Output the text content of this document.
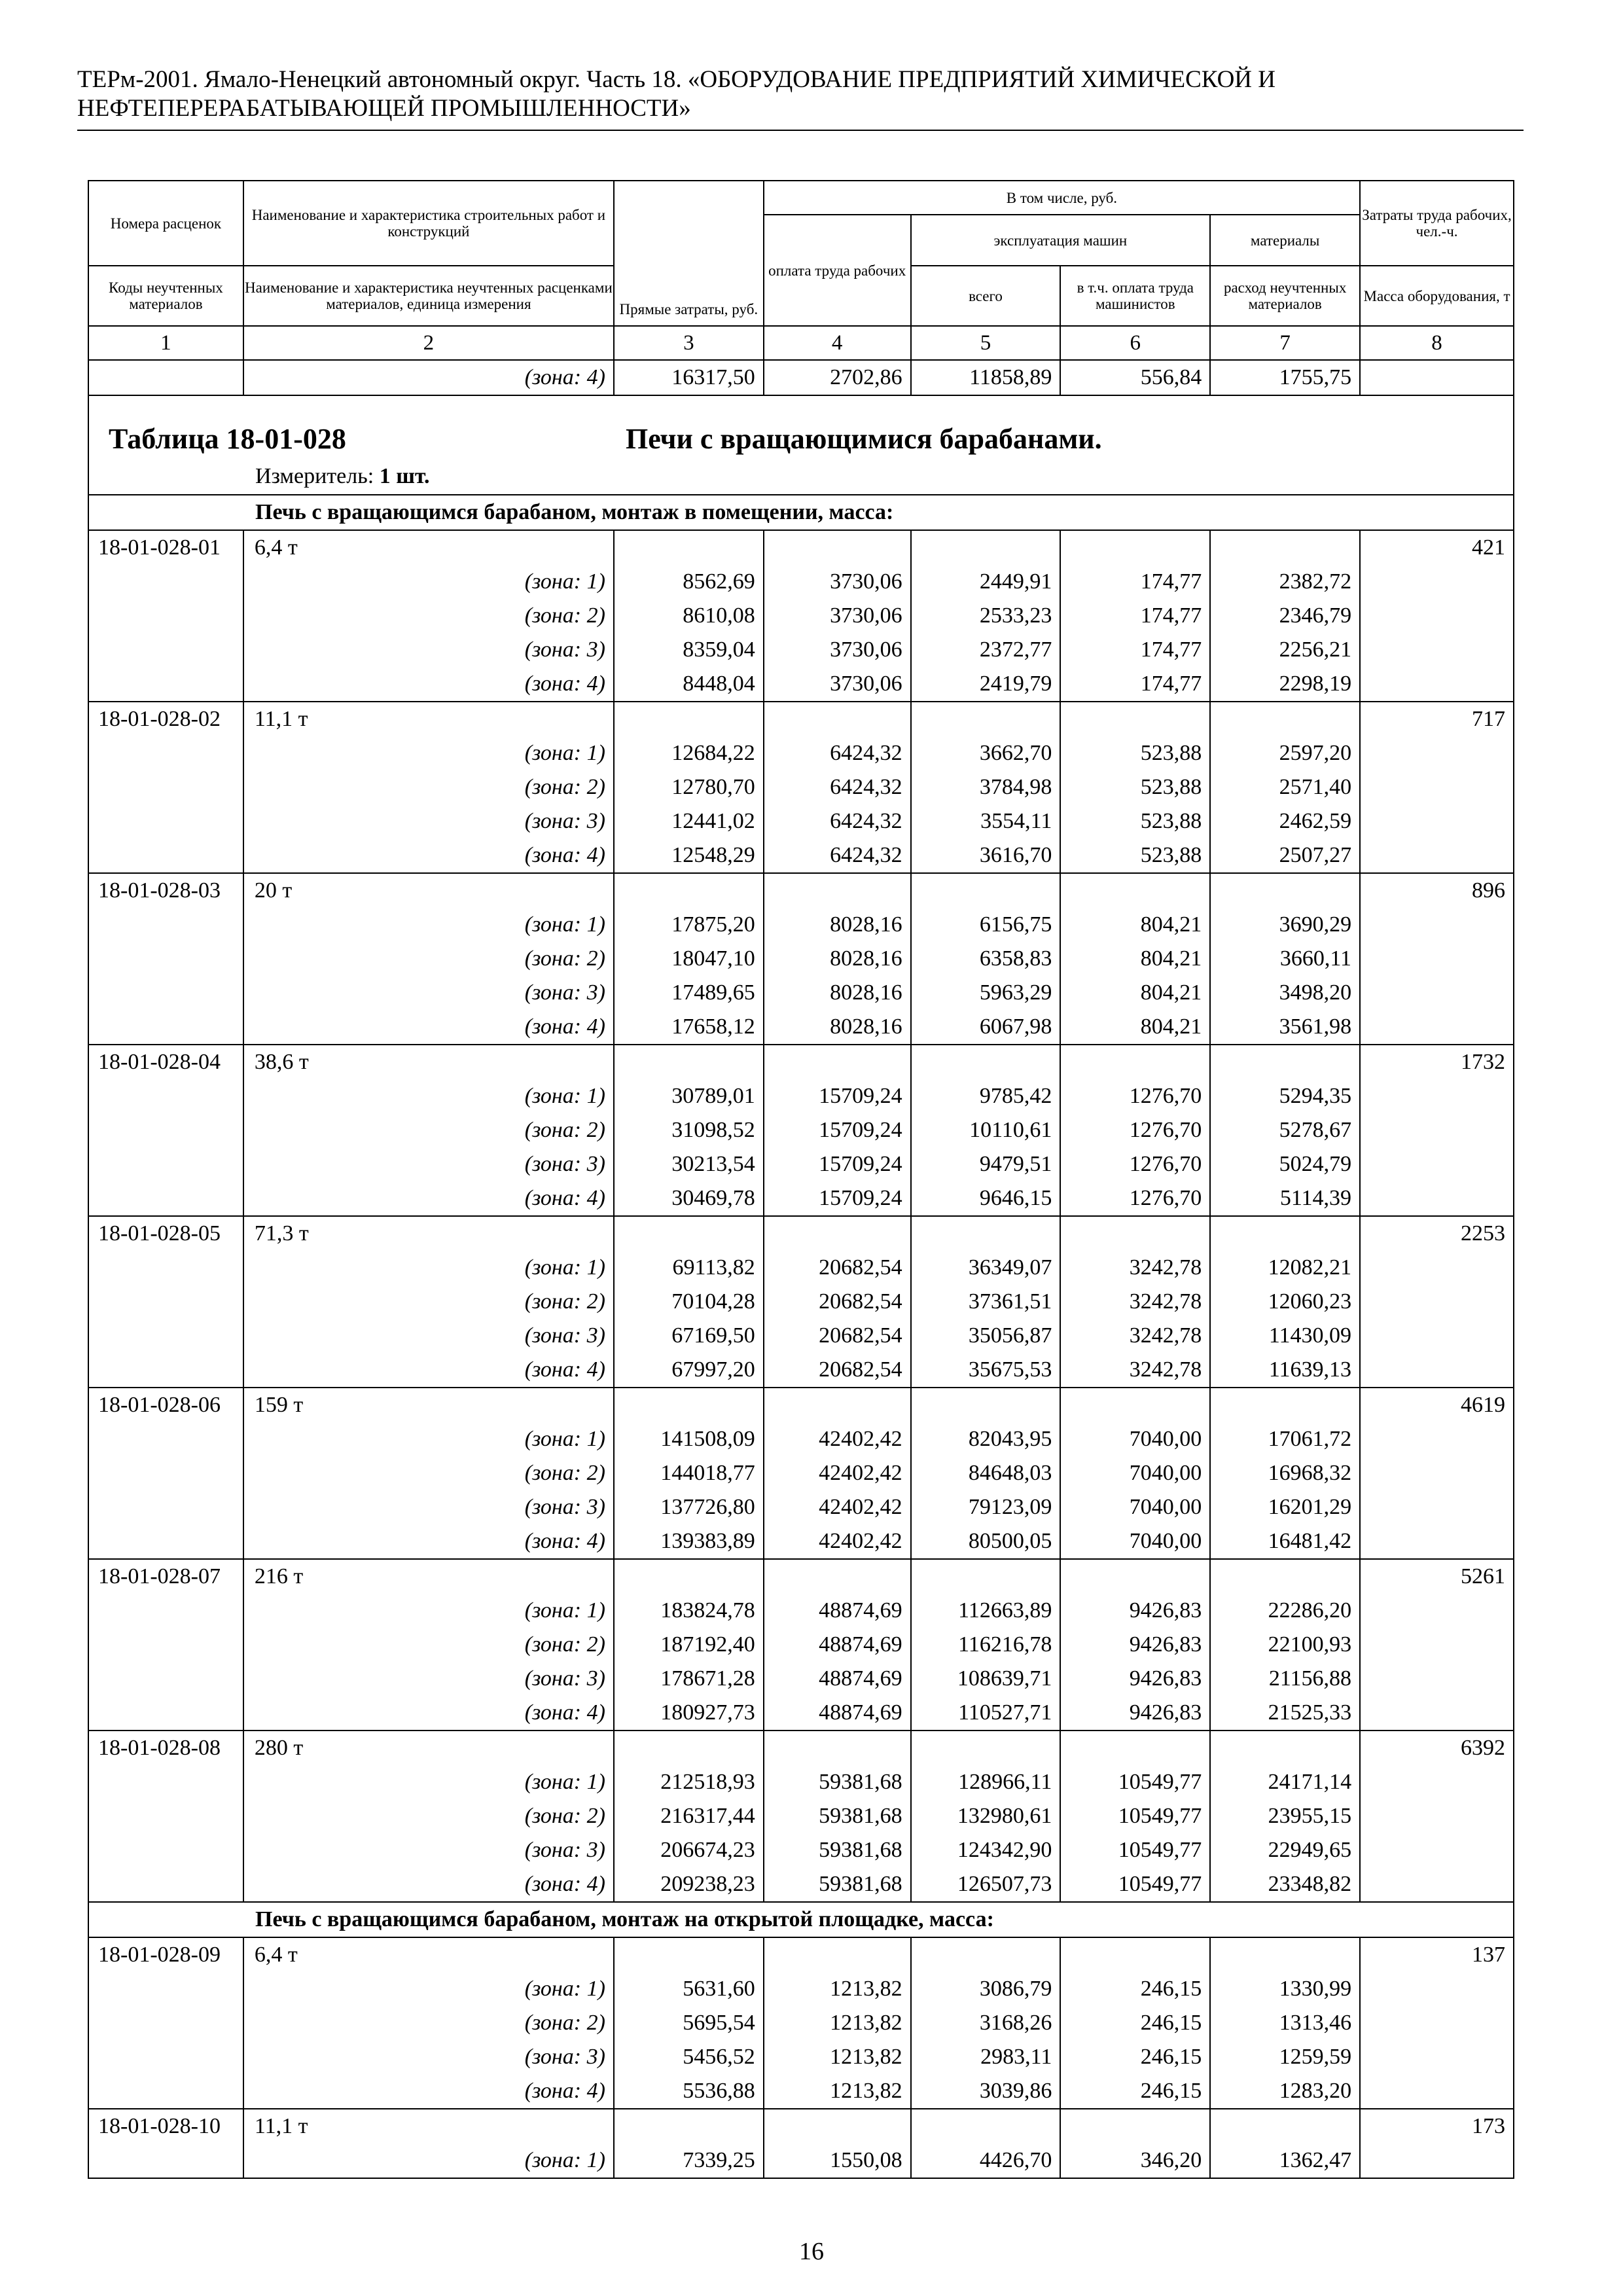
ТЕРм-2001. Ямало-Ненецкий автономный округ. Часть 18. «ОБОРУДОВАНИЕ ПРЕДПРИЯТИЙ ХИМИЧЕСКОЙ И
НЕФТЕПЕРЕРАБАТЫВАЮЩЕЙ ПРОМЫШЛЕННОСТИ»
Номера расценок	Наименование и характеристика строительных работ и конструкций	Прямые затраты, руб.	В том числе, руб.				Затраты труда рабочих, чел.-ч.
			оплата труда рабочих	эксплуатация машин		материалы	
Коды неучтенных материалов	Наименование и характеристика неучтенных расценками материалов, единица измерения			всего	в т.ч. оплата труда машинистов	расход неучтенных материалов	Масса оборудования, т
1	2	3	4	5	6	7	8
	(зона: 4)	16317,50	2702,86	11858,89	556,84	1755,75	

Таблица 18-01-028 Печи с вращающимися барабанами.
Измеритель: 1 шт.							

Печь с вращающимся барабаном, монтаж в помещении, масса:							
18-01-028-01	6,4 т						421
	(зона: 1)	8562,69	3730,06	2449,91	174,77	2382,72	
	(зона: 2)	8610,08	3730,06	2533,23	174,77	2346,79	
	(зона: 3)	8359,04	3730,06	2372,77	174,77	2256,21	
	(зона: 4)	8448,04	3730,06	2419,79	174,77	2298,19	
18-01-028-02	11,1 т						717
	(зона: 1)	12684,22	6424,32	3662,70	523,88	2597,20	
	(зона: 2)	12780,70	6424,32	3784,98	523,88	2571,40	
	(зона: 3)	12441,02	6424,32	3554,11	523,88	2462,59	
	(зона: 4)	12548,29	6424,32	3616,70	523,88	2507,27	
18-01-028-03	20 т						896
	(зона: 1)	17875,20	8028,16	6156,75	804,21	3690,29	
	(зона: 2)	18047,10	8028,16	6358,83	804,21	3660,11	
	(зона: 3)	17489,65	8028,16	5963,29	804,21	3498,20	
	(зона: 4)	17658,12	8028,16	6067,98	804,21	3561,98	
18-01-028-04	38,6 т						1732
	(зона: 1)	30789,01	15709,24	9785,42	1276,70	5294,35	
	(зона: 2)	31098,52	15709,24	10110,61	1276,70	5278,67	
	(зона: 3)	30213,54	15709,24	9479,51	1276,70	5024,79	
	(зона: 4)	30469,78	15709,24	9646,15	1276,70	5114,39	
18-01-028-05	71,3 т						2253
	(зона: 1)	69113,82	20682,54	36349,07	3242,78	12082,21	
	(зона: 2)	70104,28	20682,54	37361,51	3242,78	12060,23	
	(зона: 3)	67169,50	20682,54	35056,87	3242,78	11430,09	
	(зона: 4)	67997,20	20682,54	35675,53	3242,78	11639,13	
18-01-028-06	159 т						4619
	(зона: 1)	141508,09	42402,42	82043,95	7040,00	17061,72	
	(зона: 2)	144018,77	42402,42	84648,03	7040,00	16968,32	
	(зона: 3)	137726,80	42402,42	79123,09	7040,00	16201,29	
	(зона: 4)	139383,89	42402,42	80500,05	7040,00	16481,42	
18-01-028-07	216 т						5261
	(зона: 1)	183824,78	48874,69	112663,89	9426,83	22286,20	
	(зона: 2)	187192,40	48874,69	116216,78	9426,83	22100,93	
	(зона: 3)	178671,28	48874,69	108639,71	9426,83	21156,88	
	(зона: 4)	180927,73	48874,69	110527,71	9426,83	21525,33	
18-01-028-08	280 т						6392
	(зона: 1)	212518,93	59381,68	128966,11	10549,77	24171,14	
	(зона: 2)	216317,44	59381,68	132980,61	10549,77	23955,15	
	(зона: 3)	206674,23	59381,68	124342,90	10549,77	22949,65	
	(зона: 4)	209238,23	59381,68	126507,73	10549,77	23348,82	
Печь с вращающимся барабаном, монтаж на открытой площадке, масса:							
18-01-028-09	6,4 т						137
	(зона: 1)	5631,60	1213,82	3086,79	246,15	1330,99	
	(зона: 2)	5695,54	1213,82	3168,26	246,15	1313,46	
	(зона: 3)	5456,52	1213,82	2983,11	246,15	1259,59	
	(зона: 4)	5536,88	1213,82	3039,86	246,15	1283,20	
18-01-028-10	11,1 т						173
	(зона: 1)	7339,25	1550,08	4426,70	346,20	1362,47	
16
